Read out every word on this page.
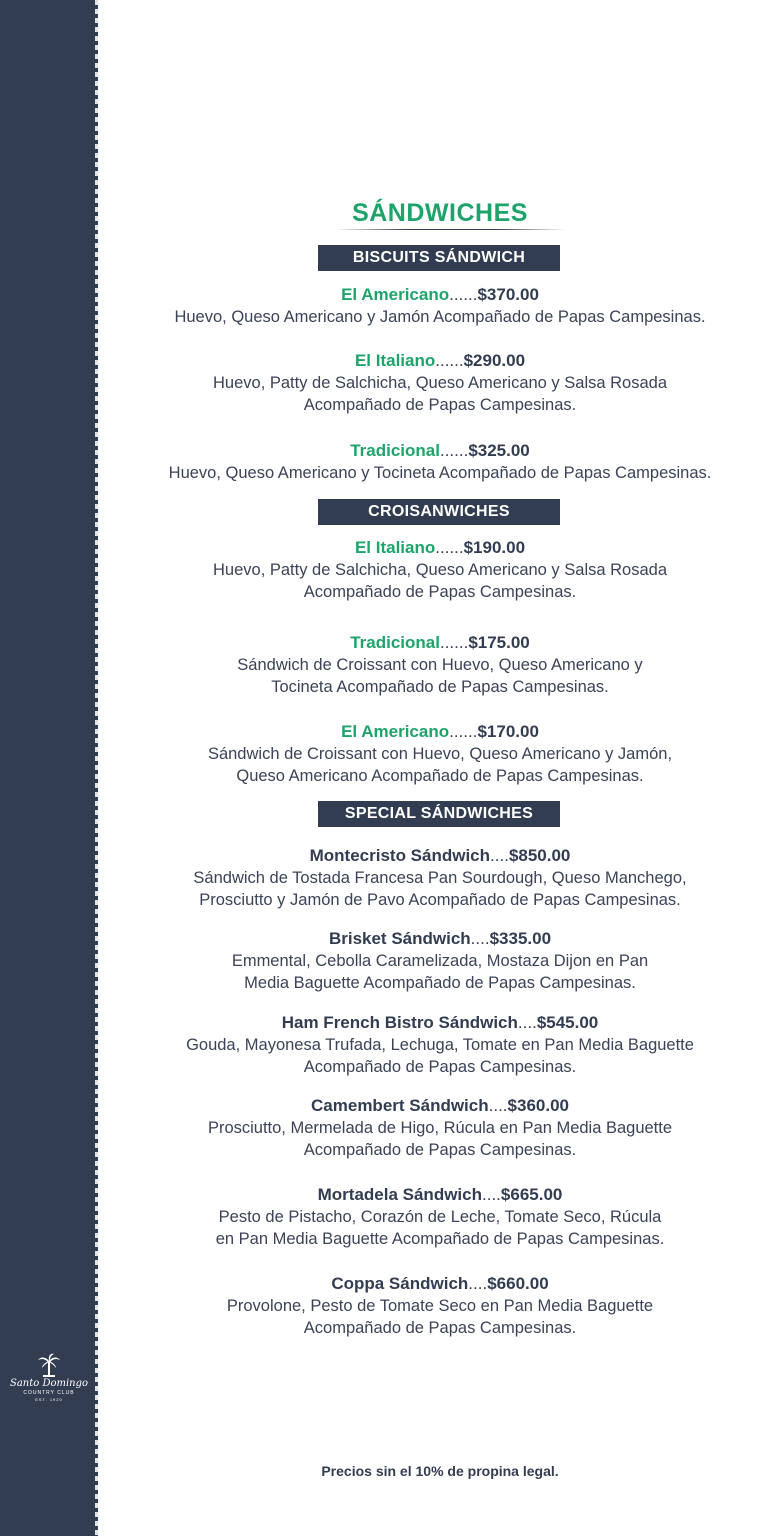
Santo Domingo
COUNTRY CLUB
EST. 1920
SÁNDWICHES
BISCUITS SÁNDWICH
El Americano......$370.00
Huevo, Queso Americano y Jamón Acompañado de Papas Campesinas.
El Italiano......$290.00
Huevo, Patty de Salchicha, Queso Americano y Salsa Rosada
Acompañado de Papas Campesinas.
Tradicional......$325.00
Huevo, Queso Americano y Tocineta Acompañado de Papas Campesinas.
CROISANWICHES
El Italiano......$190.00
Huevo, Patty de Salchicha, Queso Americano y Salsa Rosada
Acompañado de Papas Campesinas.
Tradicional......$175.00
Sándwich de Croissant con Huevo, Queso Americano y
Tocineta Acompañado de Papas Campesinas.
El Americano......$170.00
Sándwich de Croissant con Huevo, Queso Americano y Jamón,
Queso Americano Acompañado de Papas Campesinas.
SPECIAL SÁNDWICHES
Montecristo Sándwich....$850.00
Sándwich de Tostada Francesa Pan Sourdough, Queso Manchego,
Prosciutto y Jamón de Pavo Acompañado de Papas Campesinas.
Brisket Sándwich....$335.00
Emmental, Cebolla Caramelizada, Mostaza Dijon en Pan
Media Baguette Acompañado de Papas Campesinas.
Ham French Bistro Sándwich....$545.00
Gouda, Mayonesa Trufada, Lechuga, Tomate en Pan Media Baguette
Acompañado de Papas Campesinas.
Camembert Sándwich....$360.00
Prosciutto, Mermelada de Higo, Rúcula en Pan Media Baguette
Acompañado de Papas Campesinas.
Mortadela Sándwich....$665.00
Pesto de Pistacho, Corazón de Leche, Tomate Seco, Rúcula
en Pan Media Baguette Acompañado de Papas Campesinas.
Coppa Sándwich....$660.00
Provolone, Pesto de Tomate Seco en Pan Media Baguette
Acompañado de Papas Campesinas.
Precios sin el 10% de propina legal.
